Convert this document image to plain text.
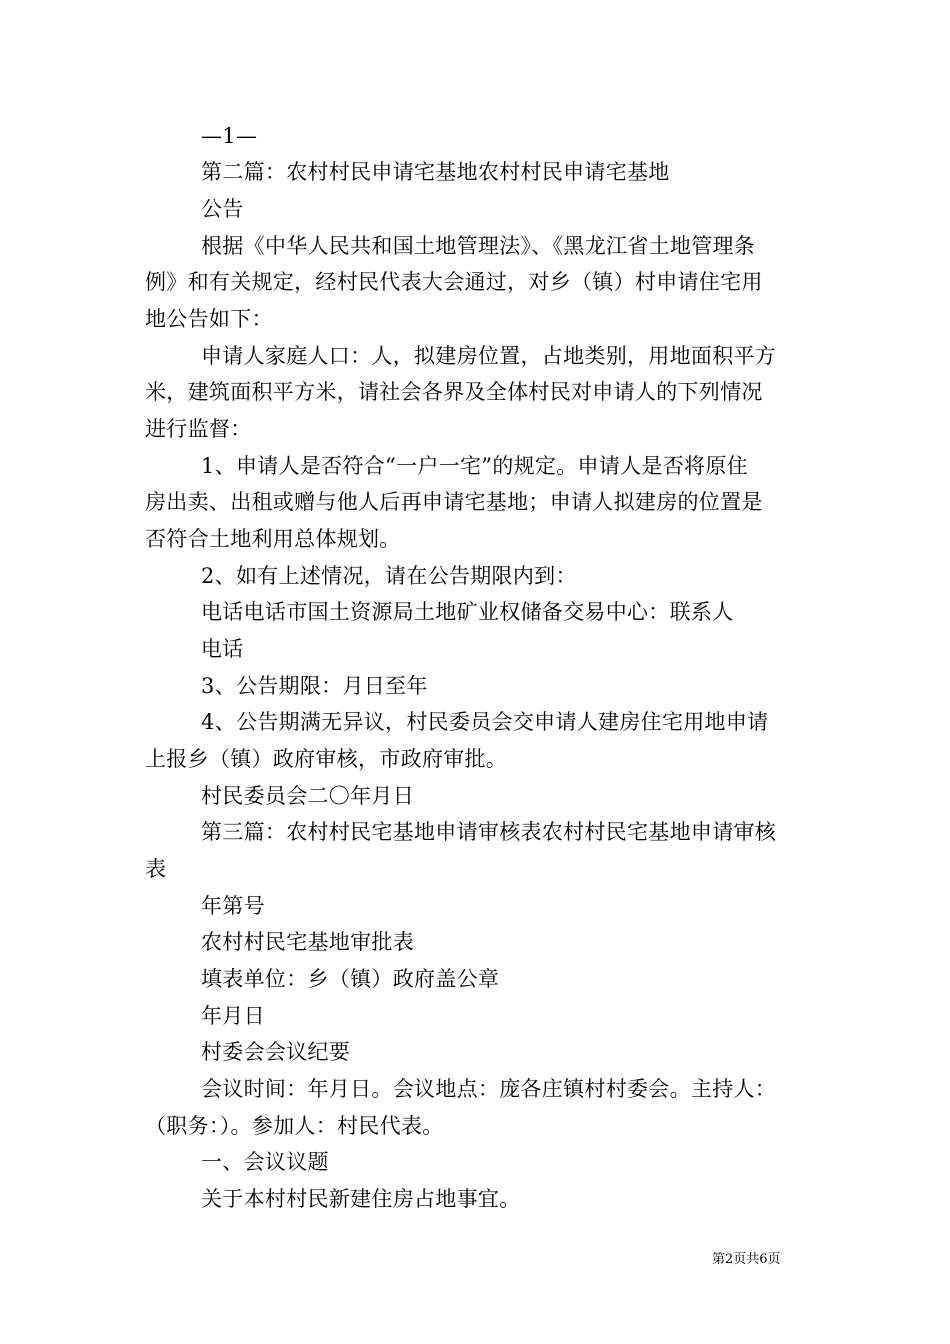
—1—
第二篇：农村村民申请宅基地农村村民申请宅基地
公告
根据《中华人民共和国土地管理法》、《黑龙江省土地管理条
例》和有关规定，经村民代表大会通过，对乡（镇）村申请住宅用
地公告如下：
申请人家庭人口：人，拟建房位置，占地类别，用地面积平方
米，建筑面积平方米，请社会各界及全体村民对申请人的下列情况
进行监督：
1、申请人是否符合“一户一宅”的规定。申请人是否将原住
房出卖、出租或赠与他人后再申请宅基地；申请人拟建房的位置是
否符合土地利用总体规划。
2、如有上述情况，请在公告期限内到：
电话电话市国土资源局土地矿业权储备交易中心：联系人
电话
3、公告期限：月日至年
4、公告期满无异议，村民委员会交申请人建房住宅用地申请
上报乡（镇）政府审核，市政府审批。
村民委员会二〇年月日
第三篇：农村村民宅基地申请审核表农村村民宅基地申请审核
表
年第号
农村村民宅基地审批表
填表单位：乡（镇）政府盖公章
年月日
村委会会议纪要
会议时间：年月日。会议地点：庞各庄镇村村委会。主持人：
（职务：）。参加人：村民代表。
一、会议议题
关于本村村民新建住房占地事宜。
第2页共6页
